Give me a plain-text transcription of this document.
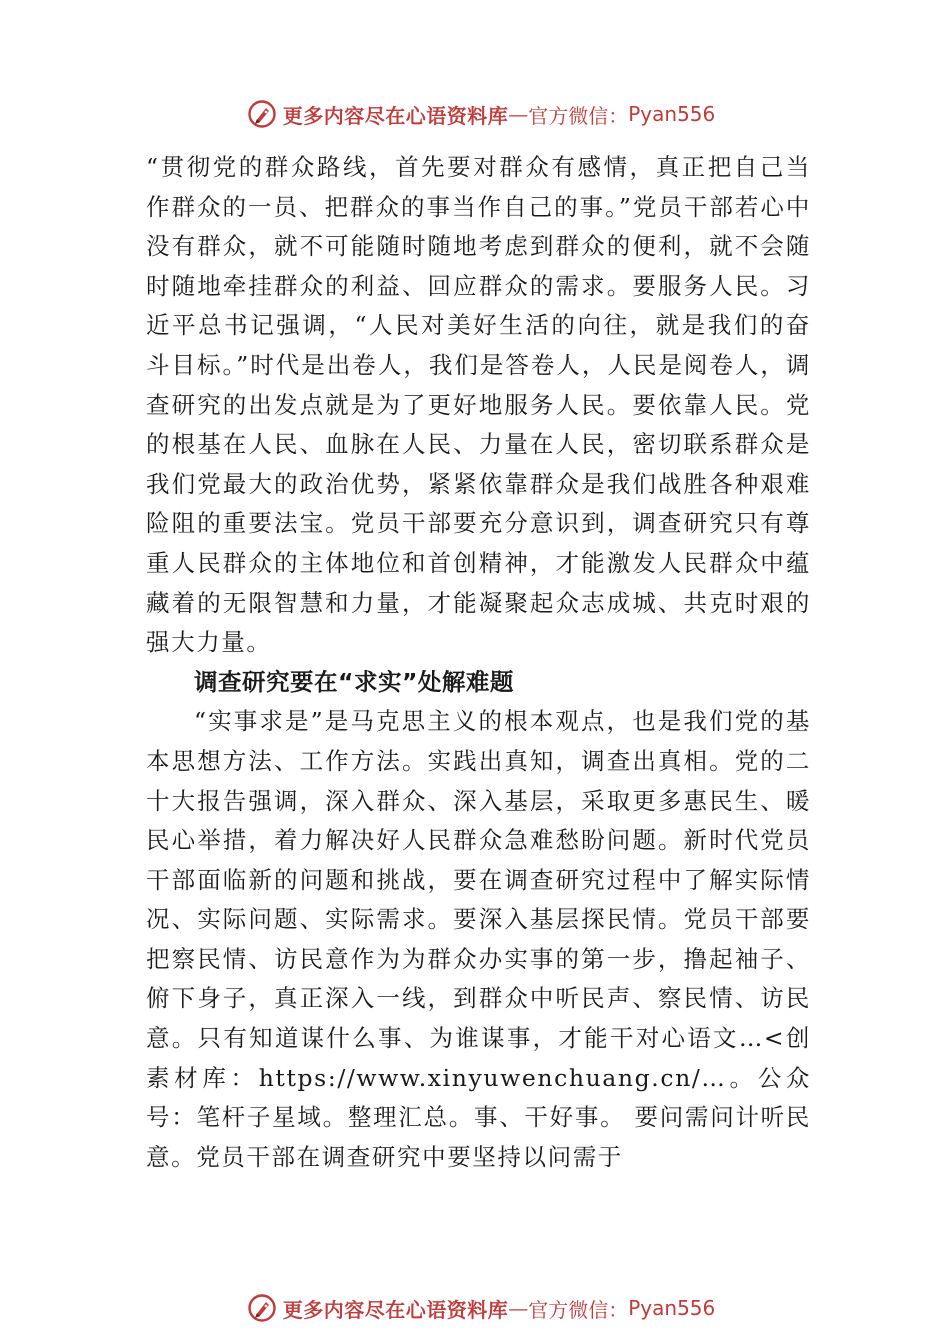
更多内容尽在心语资料库 — 官方微信： Pyan556

“贯彻党的群众路线，首先要对群众有感情，真正把自己当作群众的一员、把群众的事当作自己的事。”党员干部若心中没有群众，就不可能随时随地考虑到群众的便利，就不会随时随地牵挂群众的利益、回应群众的需求。要服务人民。习近平总书记强调，“人民对美好生活的向往，就是我们的奋斗目标。”时代是出卷人，我们是答卷人，人民是阅卷人，调查研究的出发点就是为了更好地服务人民。要依靠人民。党的根基在人民、血脉在人民、力量在人民，密切联系群众是我们党最大的政治优势，紧紧依靠群众是我们战胜各种艰难险阻的重要法宝。党员干部要充分意识到，调查研究只有尊重人民群众的主体地位和首创精神，才能激发人民群众中蕴藏着的无限智慧和力量，才能凝聚起众志成城、共克时艰的强大力量。

调查研究要在“求实”处解难题

“实事求是”是马克思主义的根本观点，也是我们党的基本思想方法、工作方法。实践出真知，调查出真相。党的二十大报告强调，深入群众、深入基层，采取更多惠民生、暖民心举措，着力解决好人民群众急难愁盼问题。新时代党员干部面临新的问题和挑战，要在调查研究过程中了解实际情况、实际问题、实际需求。要深入基层探民情。党员干部要把察民情、访民意作为为群众办实事的第一步，撸起袖子、俯下身子，真正深入一线，到群众中听民声、察民情、访民意。只有知道谋什么事、为谁谋事，才能干对心语文…<创素材库：https://www.xinyuwenchuang.cn/…。公众号：笔杆子星域。整理汇总。事、干好事。 要问需问计听民意。党员干部在调查研究中要坚持以问需于

更多内容尽在心语资料库 — 官方微信： Pyan556
